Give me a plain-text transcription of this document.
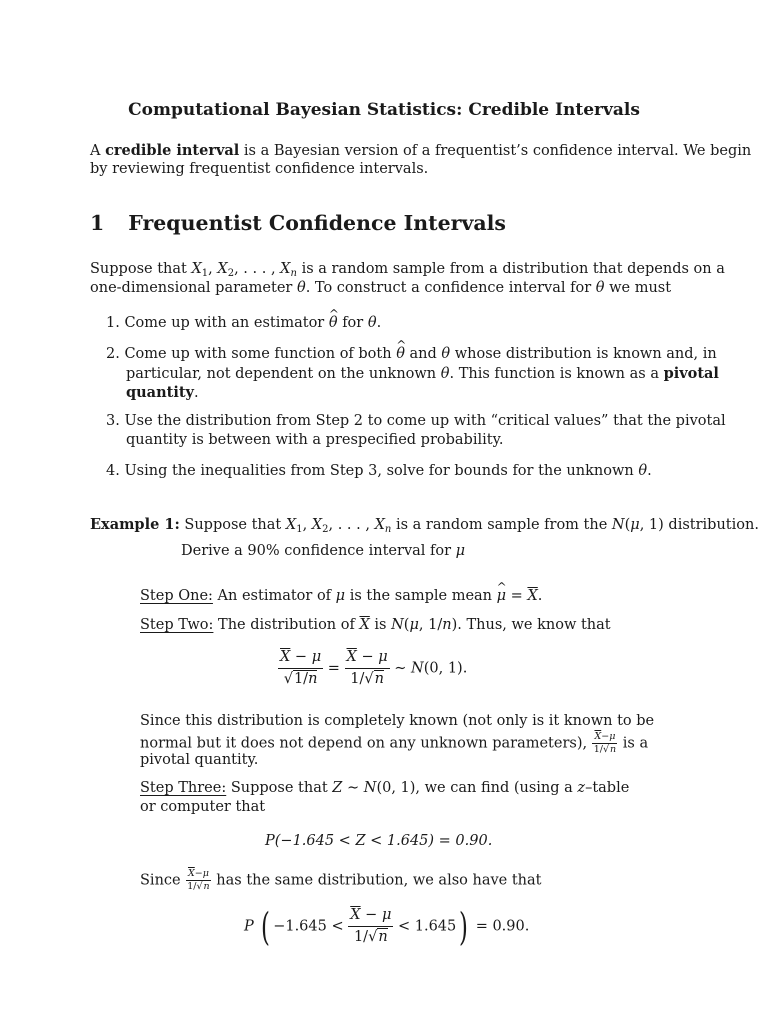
Computational Bayesian Statistics: Credible Intervals
A credible interval is a Bayesian version of a frequentist’s confidence interval. We begin
by reviewing frequentist confidence intervals.
1 Frequentist Confidence Intervals
Suppose that $X_1$, $X_2$, . . . , $X_n$ is a random sample from a distribution that depends on a
one-dimensional parameter θ. To construct a confidence interval for θ we must
1. Come up with an estimator ^ θ for θ.
2. Come up with some function of both ^ θ and θ whose distribution is known and, in
particular, not dependent on the unknown θ. This function is known as a pivotal
quantity.
3. Use the distribution from Step 2 to come up with “critical values” that the pivotal
quantity is between with a prespecified probability.
4. Using the inequalities from Step 3, solve for bounds for the unknown θ.
Example 1: Suppose that $X_1$, $X_2$, . . . , $X_n$ is a random sample from the N(μ, 1) distribution.
Derive a 90% confidence interval for μ
Step One: An estimator of μ is the sample mean ^ $\mu = \overline{X}$.
Step Two: The distribution of $\overline{X}$ is N(μ, 1/n). Thus, we know that
$\frac{\overline{X} - \mu}{√1/n} = \frac{\overline{X} - \mu}{1/√n}$ ∼ N(0, 1).
Since this distribution is completely known (not only is it known to be
normal but it does not depend on any unknown parameters), $\frac{\overline{X}-\mu}{1/√n}$ is a
pivotal quantity.
Step Three: Suppose that Z ∼ N(0, 1), we can find (using a z–table
or computer that
P(−1.645 < Z < 1.645) = 0.90.
Since $\frac{\overline{X}-\mu}{1/√n}$ has the same distribution, we also have that
P ( $-1.645 < \frac{\overline{X} - \mu}{1/√n} < 1.645) = 0.90$.
